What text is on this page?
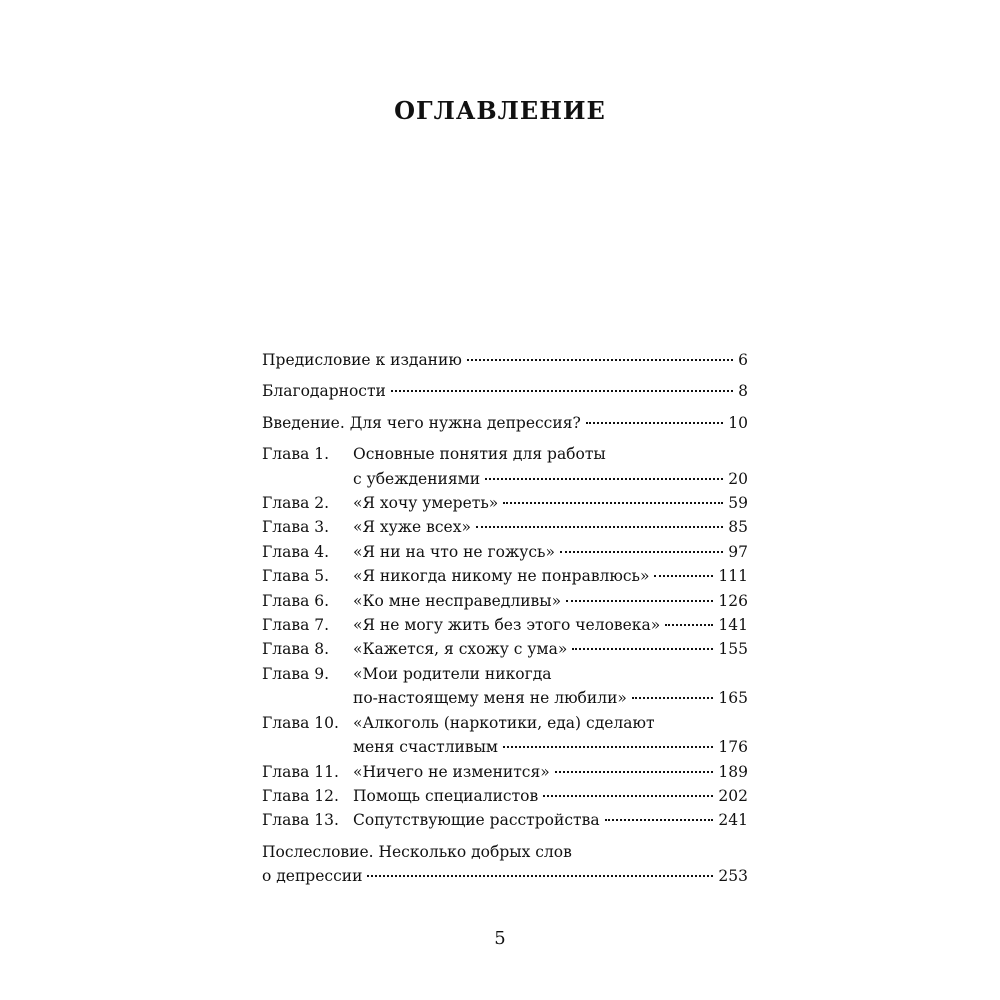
ОГЛАВЛЕНИЕ
Предисловие к изданию	6
Благодарности	8
Введение. Для чего нужна депрессия?	10
Глава 1.	Основные понятия для работы
с убеждениями	20
Глава 2.	«Я хочу умереть»	59
Глава 3.	«Я хуже всех»	85
Глава 4.	«Я ни на что не гожусь»	97
Глава 5.	«Я никогда никому не понравлюсь»	111
Глава 6.	«Ко мне несправедливы»	126
Глава 7.	«Я не могу жить без этого человека»	141
Глава 8.	«Кажется, я схожу с ума»	155
Глава 9.	«Мои родители никогда
по-настоящему меня не любили»	165
Глава 10. «Алкоголь (наркотики, еда) сделают
меня счастливым	176
Глава 11. «Ничего не изменится»	189
Глава 12. Помощь специалистов	202
Глава 13. Сопутствующие расстройства	241
Послесловие. Несколько добрых слов
о депрессии	253
5
